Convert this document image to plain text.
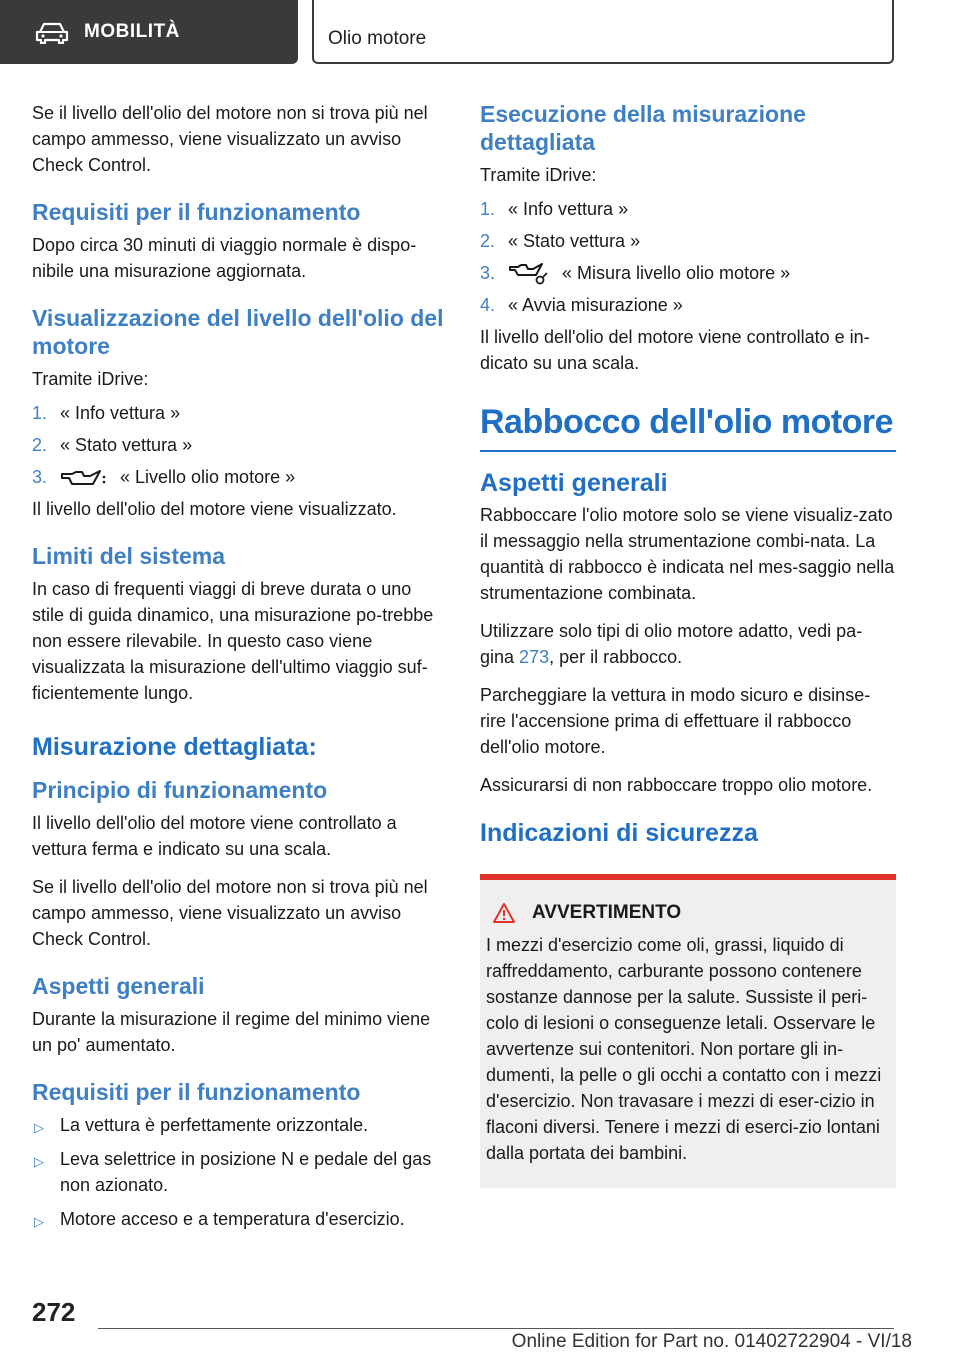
MOBILITÀ	Olio motore

Se il livello dell'olio del motore non si trova più nel campo ammesso, viene visualizzato un avviso Check Control.

Requisiti per il funzionamento

Dopo circa 30 minuti di viaggio normale è dispo-nibile una misurazione aggiornata.

Visualizzazione del livello dell'olio del motore

Tramite iDrive:

1. « Info vettura »
2. « Stato vettura »
3.	« Livello olio motore »

Il livello dell'olio del motore viene visualizzato.

Limiti del sistema

In caso di frequenti viaggi di breve durata o uno stile di guida dinamico, una misurazione po-trebbe non essere rilevabile. In questo caso viene visualizzata la misurazione dell'ultimo viaggio suf-ficientemente lungo.

Misurazione dettagliata:
Principio di funzionamento

Il livello dell'olio del motore viene controllato a vettura ferma e indicato su una scala.

Se il livello dell'olio del motore non si trova più nel campo ammesso, viene visualizzato un avviso Check Control.

Aspetti generali

Durante la misurazione il regime del minimo viene un po' aumentato.

Requisiti per il funzionamento
▷ La vettura è perfettamente orizzontale.
▷ Leva selettrice in posizione N e pedale del gas non azionato.
▷ Motore acceso e a temperatura d'esercizio.
Esecuzione della misurazione dettagliata

Tramite iDrive:

1. « Info vettura »
2. « Stato vettura »
3.	« Misura livello olio motore »
4. « Avvia misurazione »

Il livello dell'olio del motore viene controllato e in-dicato su una scala.

Rabbocco dell'olio motore
Aspetti generali

Rabboccare l'olio motore solo se viene visualiz-zato il messaggio nella strumentazione combi-nata. La quantità di rabbocco è indicata nel mes-saggio nella strumentazione combinata.

Utilizzare solo tipi di olio motore adatto, vedi pa-gina 273, per il rabbocco.

Parcheggiare la vettura in modo sicuro e disinse-rire l'accensione prima di effettuare il rabbocco dell'olio motore.

Assicurarsi di non rabboccare troppo olio motore.

Indicazioni di sicurezza
AVVERTIMENTO

I mezzi d'esercizio come oli, grassi, liquido di raffreddamento, carburante possono contenere sostanze dannose per la salute. Sussiste il peri-colo di lesioni o conseguenze letali. Osservare le avvertenze sui contenitori. Non portare gli in-dumenti, la pelle o gli occhi a contatto con i mezzi d'esercizio. Non travasare i mezzi di eser-cizio in flaconi diversi. Tenere i mezzi di eserci-zio lontani dalla portata dei bambini.

272
Online Edition for Part no. 01402722904 - VI/18
